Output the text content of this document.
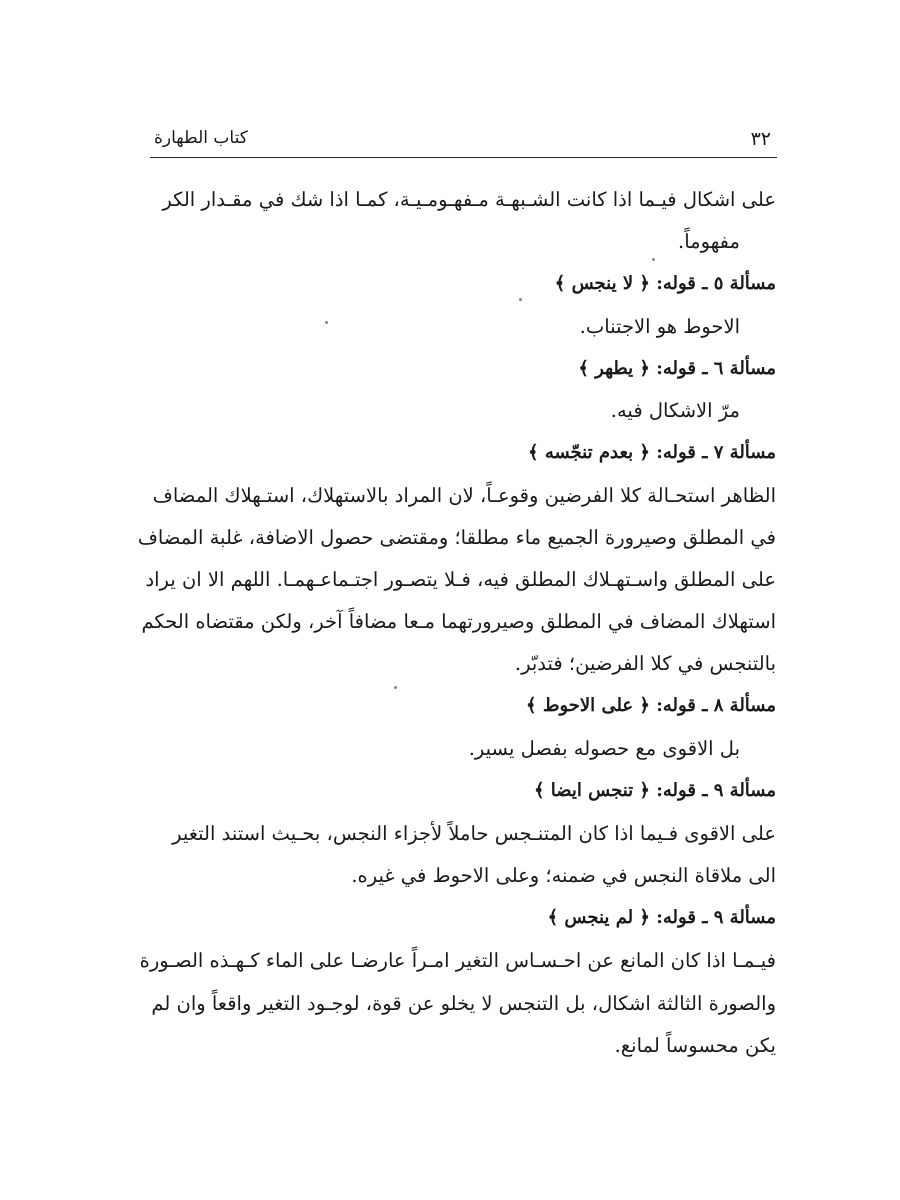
٣٢
كتاب الطهارة
على اشكال فيـما اذا كانت الشـبهـة مـفهـومـيـة، كمـا اذا شك في مقـدار الكر
مفهوماً.
مسألة ٥ ـ قوله: ﴿ لا ينجس ﴾
الاحوط هو الاجتناب.
مسألة ٦ ـ قوله: ﴿ يطهر ﴾
مرّ الاشكال فيه.
مسألة ٧ ـ قوله: ﴿ بعدم تنجّسه ﴾
الظاهر استحـالة كلا الفرضين وقوعـاً، لان المراد بالاستهلاك، استـهلاك المضاف
في المطلق وصيرورة الجميع ماء مطلقا؛ ومقتضى حصول الاضافة، غلبة المضاف
على المطلق واسـتهـلاك المطلق فيه، فـلا يتصـور اجتـماعـهمـا. اللهم الا ان يراد
استهلاك المضاف في المطلق وصيرورتهما مـعا مضافاً آخر، ولكن مقتضاه الحكم
بالتنجس في كلا الفرضين؛ فتدبّر.
مسألة ٨ ـ قوله: ﴿ على الاحوط ﴾
بل الاقوى مع حصوله بفصل يسير.
مسألة ٩ ـ قوله: ﴿ تنجس ايضا ﴾
على الاقوى فـيما اذا كان المتنـجس حاملاً لأجزاء النجس، بحـيث استند التغير
الى ملاقاة النجس في ضمنه؛ وعلى الاحوط في غيره.
مسألة ٩ ـ قوله: ﴿ لم ينجس ﴾
فيـمـا اذا كان المانع عن احـسـاس التغير امـراً عارضـا على الماء كـهـذه الصـورة
والصورة الثالثة اشكال، بل التنجس لا يخلو عن قوة، لوجـود التغير واقعاً وان لم
يكن محسوساً لمانع.
